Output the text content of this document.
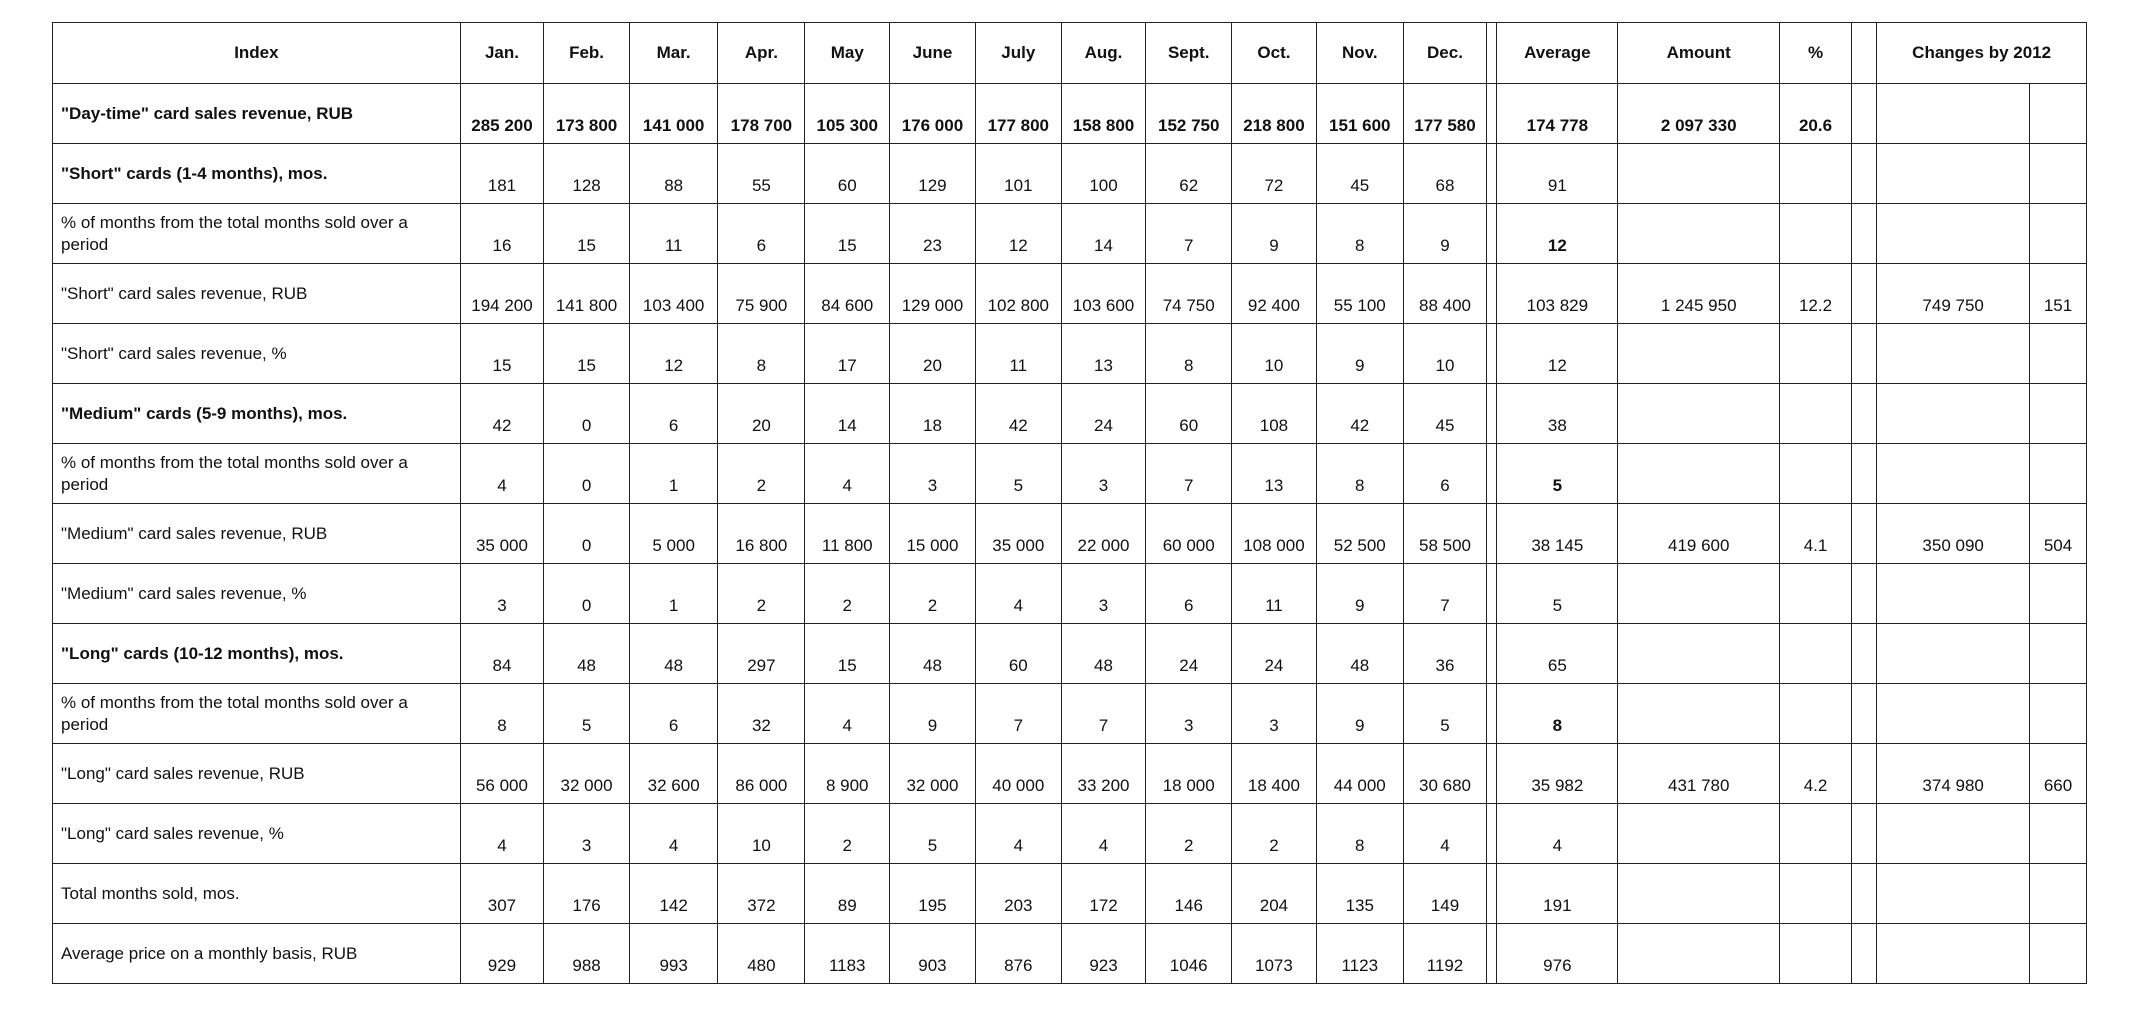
Index	Jan.	Feb.	Mar.	Apr.	May	June	July	Aug.	Sept.	Oct.	Nov.	Dec.		Average	Amount	%		Changes by 2012	
"Day-time" card sales revenue, RUB	285 200	173 800	141 000	178 700	105 300	176 000	177 800	158 800	152 750	218 800	151 600	177 580		174 778	2 097 330	20.6			
"Short" cards (1-4 months), mos.	181	128	88	55	60	129	101	100	62	72	45	68		91					
% of months from the total months sold over a period	16	15	11	6	15	23	12	14	7	9	8	9		12					
"Short" card sales revenue, RUB	194 200	141 800	103 400	75 900	84 600	129 000	102 800	103 600	74 750	92 400	55 100	88 400		103 829	1 245 950	12.2		749 750	151
"Short" card sales revenue, %	15	15	12	8	17	20	11	13	8	10	9	10		12					
"Medium" cards (5-9 months), mos.	42	0	6	20	14	18	42	24	60	108	42	45		38					
% of months from the total months sold over a period	4	0	1	2	4	3	5	3	7	13	8	6		5					
"Medium" card sales revenue, RUB	35 000	0	5 000	16 800	11 800	15 000	35 000	22 000	60 000	108 000	52 500	58 500		38 145	419 600	4.1		350 090	504
"Medium" card sales revenue, %	3	0	1	2	2	2	4	3	6	11	9	7		5					
"Long" cards (10-12 months), mos.	84	48	48	297	15	48	60	48	24	24	48	36		65					
% of months from the total months sold over a period	8	5	6	32	4	9	7	7	3	3	9	5		8					
"Long" card sales revenue, RUB	56 000	32 000	32 600	86 000	8 900	32 000	40 000	33 200	18 000	18 400	44 000	30 680		35 982	431 780	4.2		374 980	660
"Long" card sales revenue, %	4	3	4	10	2	5	4	4	2	2	8	4		4					
Total months sold, mos.	307	176	142	372	89	195	203	172	146	204	135	149		191					
Average price on a monthly basis, RUB	929	988	993	480	1183	903	876	923	1046	1073	1123	1192		976					
